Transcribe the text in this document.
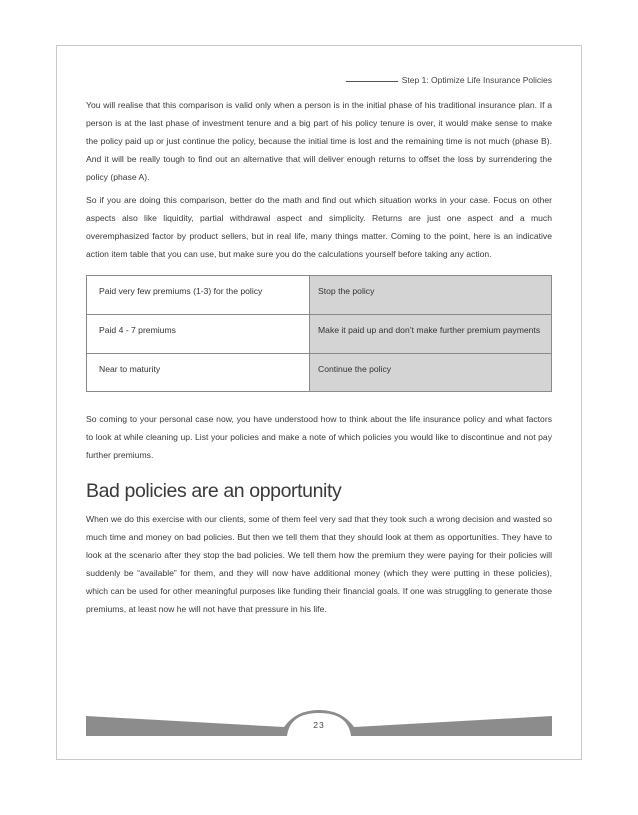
Step 1: Optimize Life Insurance Policies

You will realise that this comparison is valid only when a person is in the initial phase of his traditional insurance plan. If a person is at the last phase of investment tenure and a big part of his policy tenure is over, it would make sense to make the policy paid up or just continue the policy, because the initial time is lost and the remaining time is not much (phase B). And it will be really tough to find out an alternative that will deliver enough returns to offset the loss by surrendering the policy (phase A).

So if you are doing this comparison, better do the math and find out which situation works in your case. Focus on other aspects also like liquidity, partial withdrawal aspect and simplicity. Returns are just one aspect and a much overemphasized factor by product sellers, but in real life, many things matter. Coming to the point, here is an indicative action item table that you can use, but make sure you do the calculations yourself before taking any action.

Paid very few premiums (1-3) for the policy	Stop the policy
Paid 4 - 7 premiums	Make it paid up and don’t make further premium payments
Near to maturity	Continue the policy

So coming to your personal case now, you have understood how to think about the life insurance policy and what factors to look at while cleaning up. List your policies and make a note of which policies you would like to discontinue and not pay further premiums.

Bad policies are an opportunity

When we do this exercise with our clients, some of them feel very sad that they took such a wrong decision and wasted so much time and money on bad policies. But then we tell them that they should look at them as opportunities. They have to look at the scenario after they stop the bad policies. We tell them how the premium they were paying for their policies will suddenly be “available” for them, and they will now have additional money (which they were putting in these policies), which can be used for other meaningful purposes like funding their financial goals. If one was struggling to generate those premiums, at least now he will not have that pressure in his life.

23
